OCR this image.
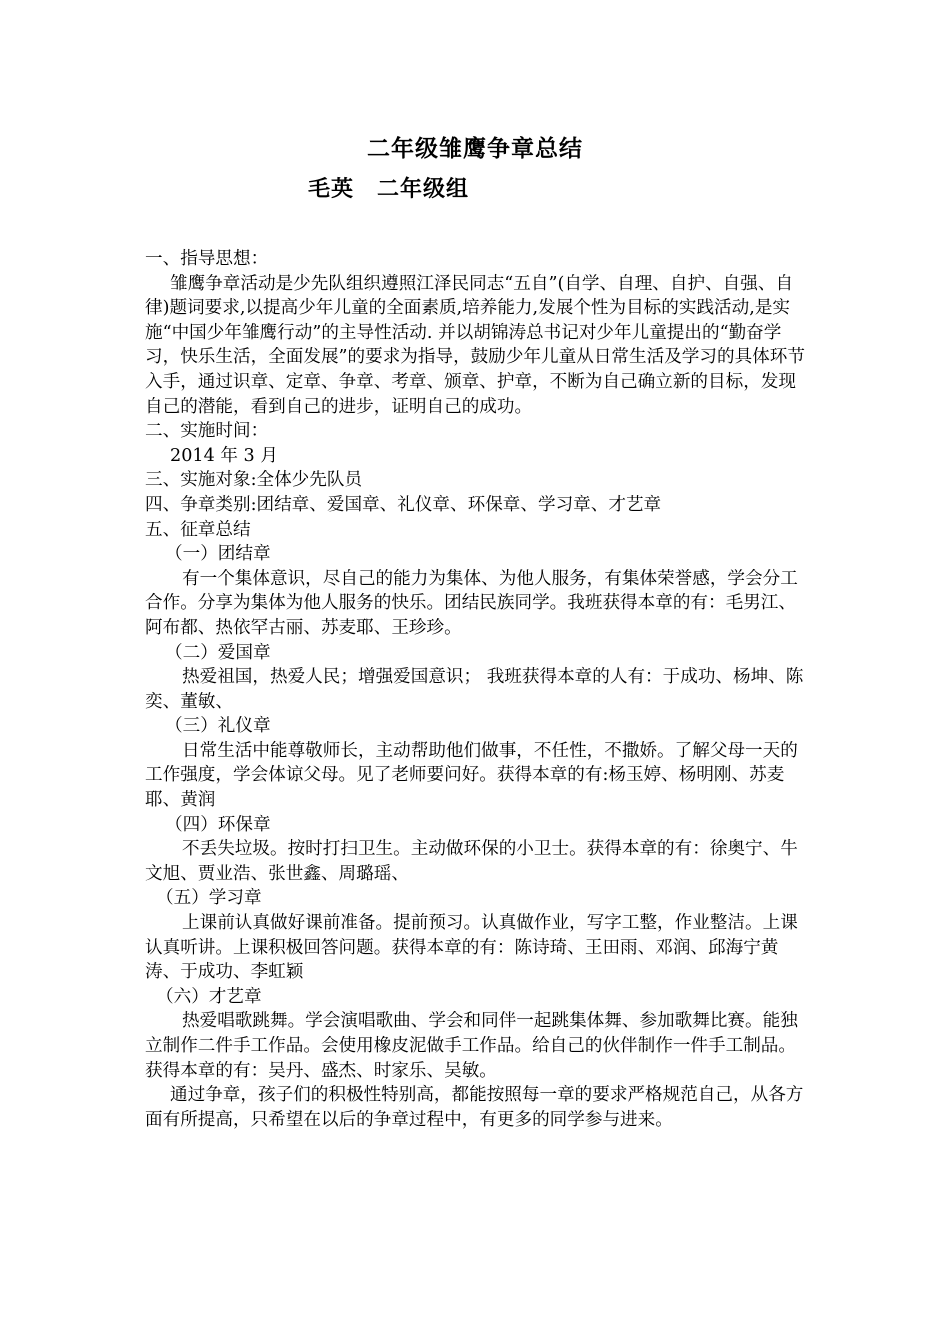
二年级雏鹰争章总结
毛英　二年级组

一、指导思想：

雏鹰争章活动是少先队组织遵照江泽民同志“五自”(自学、自理、自护、自强、自律)题词要求,以提高少年儿童的全面素质,培养能力,发展个性为目标的实践活动,是实施“中国少年雏鹰行动”的主导性活动. 并以胡锦涛总书记对少年儿童提出的“勤奋学习，快乐生活，全面发展”的要求为指导，鼓励少年儿童从日常生活及学习的具体环节入手，通过识章、定章、争章、考章、颁章、护章，不断为自己确立新的目标，发现自己的潜能，看到自己的进步，证明自己的成功。

二、实施时间：

2014 年 3 月

三、实施对象:全体少先队员

四、争章类别:团结章、爱国章、礼仪章、环保章、学习章、才艺章

五、征章总结

（一）团结章

有一个集体意识，尽自己的能力为集体、为他人服务，有集体荣誉感，学会分工合作。分享为集体为他人服务的快乐。团结民族同学。我班获得本章的有：毛男江、阿布都、热依罕古丽、苏麦耶、王珍珍。

（二）爱国章

热爱祖国，热爱人民；增强爱国意识； 我班获得本章的人有：于成功、杨坤、陈奕、董敏、

（三）礼仪章

日常生活中能尊敬师长，主动帮助他们做事，不任性，不撒娇。了解父母一天的工作强度，学会体谅父母。见了老师要问好。获得本章的有:杨玉婷、杨明刚、苏麦耶、黄润

（四）环保章

不丢失垃圾。按时打扫卫生。主动做环保的小卫士。获得本章的有：徐奥宁、牛文旭、贾业浩、张世鑫、周璐瑶、

（五）学习章

上课前认真做好课前准备。提前预习。认真做作业，写字工整，作业整洁。上课认真听讲。上课积极回答问题。获得本章的有：陈诗琦、王田雨、邓润、邱海宁黄涛、于成功、李虹颖

（六）才艺章

热爱唱歌跳舞。学会演唱歌曲、学会和同伴一起跳集体舞、参加歌舞比赛。能独立制作二件手工作品。会使用橡皮泥做手工作品。给自己的伙伴制作一件手工制品。获得本章的有：吴丹、盛杰、时家乐、吴敏。

通过争章，孩子们的积极性特别高，都能按照每一章的要求严格规范自己，从各方面有所提高，只希望在以后的争章过程中，有更多的同学参与进来。
